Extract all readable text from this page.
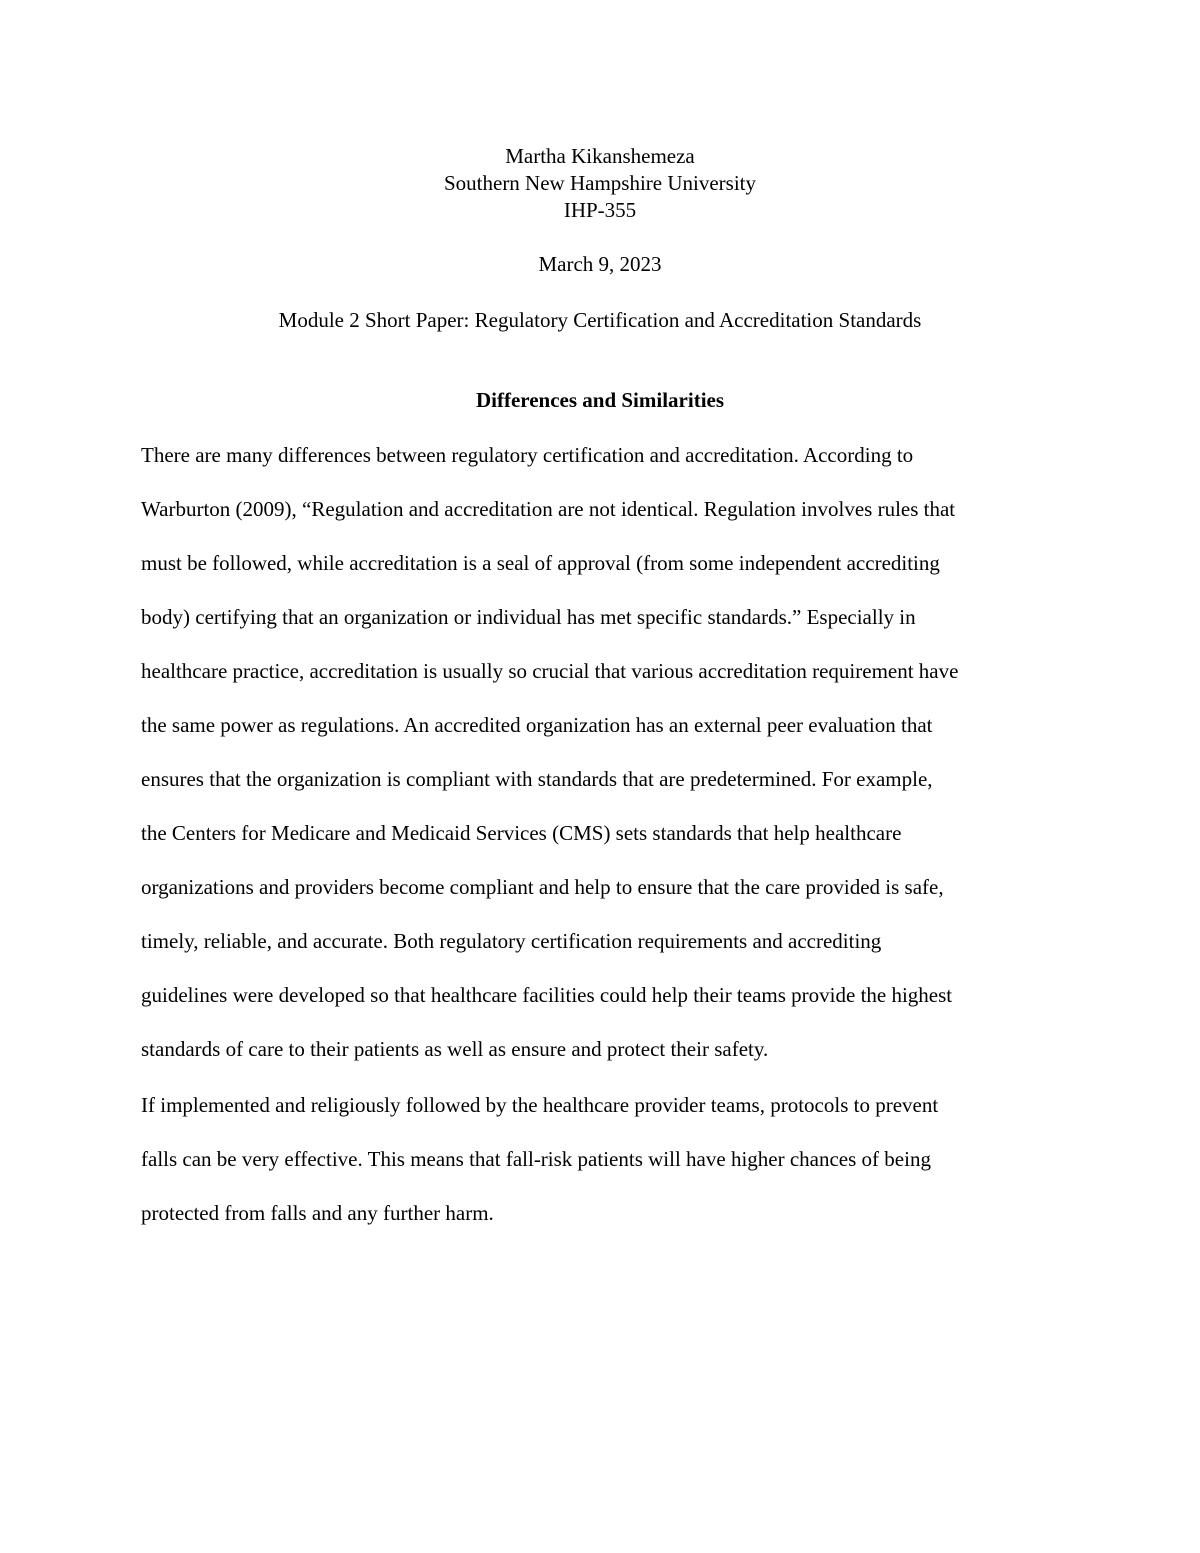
Martha Kikanshemeza
Southern New Hampshire University
IHP-355
March 9, 2023
Module 2 Short Paper: Regulatory Certification and Accreditation Standards
Differences and Similarities
There are many differences between regulatory certification and accreditation. According to
Warburton (2009), “Regulation and accreditation are not identical. Regulation involves rules that
must be followed, while accreditation is a seal of approval (from some independent accrediting
body) certifying that an organization or individual has met specific standards.” Especially in
healthcare practice, accreditation is usually so crucial that various accreditation requirement have
the same power as regulations. An accredited organization has an external peer evaluation that
ensures that the organization is compliant with standards that are predetermined. For example,
the Centers for Medicare and Medicaid Services (CMS) sets standards that help healthcare
organizations and providers become compliant and help to ensure that the care provided is safe,
timely, reliable, and accurate. Both regulatory certification requirements and accrediting
guidelines were developed so that healthcare facilities could help their teams provide the highest
standards of care to their patients as well as ensure and protect their safety.
If implemented and religiously followed by the healthcare provider teams, protocols to prevent
falls can be very effective. This means that fall-risk patients will have higher chances of being
protected from falls and any further harm.
